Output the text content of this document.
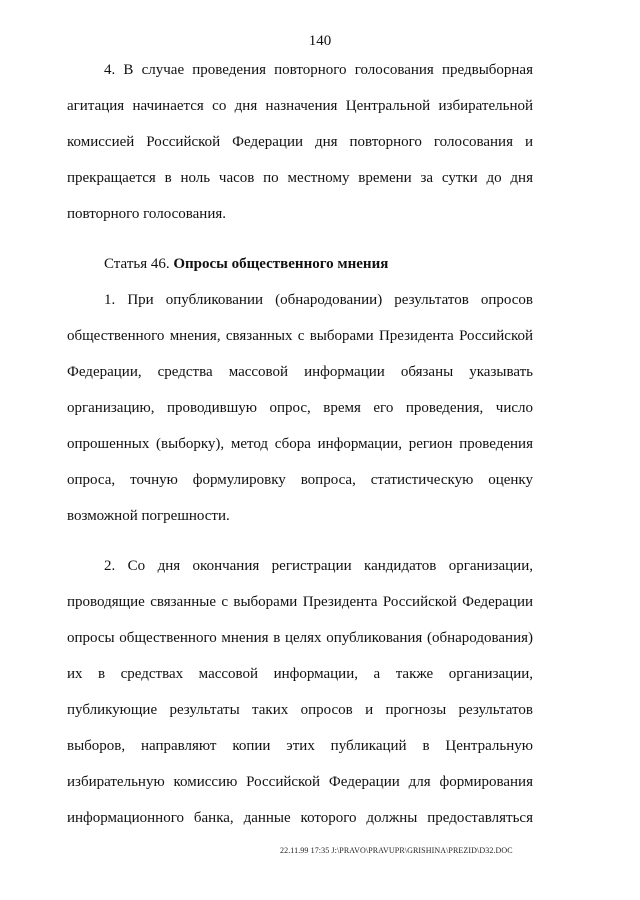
140
4. В случае проведения повторного голосования предвыборная
агитация начинается со дня назначения Центральной избирательной
комиссией Российской Федерации дня повторного голосования и
прекращается в ноль часов по местному времени за сутки до дня
повторного голосования.
Статья 46. Опросы общественного мнения
1. При опубликовании (обнародовании) результатов опросов
общественного мнения, связанных с выборами Президента Российской
Федерации, средства массовой информации обязаны указывать
организацию, проводившую опрос, время его проведения, число
опрошенных (выборку), метод сбора информации, регион проведения
опроса, точную формулировку вопроса, статистическую оценку
возможной погрешности.
2. Со дня окончания регистрации кандидатов организации,
проводящие связанные с выборами Президента Российской Федерации
опросы общественного мнения в целях опубликования (обнародования)
их в средствах массовой информации, а также организации,
публикующие результаты таких опросов и прогнозы результатов
выборов, направляют копии этих публикаций в Центральную
избирательную комиссию Российской Федерации для формирования
информационного банка, данные которого должны предоставляться
22.11.99 17:35 J:\PRAVO\PRAVUPR\GRISHINA\PREZID\D32.DOC
